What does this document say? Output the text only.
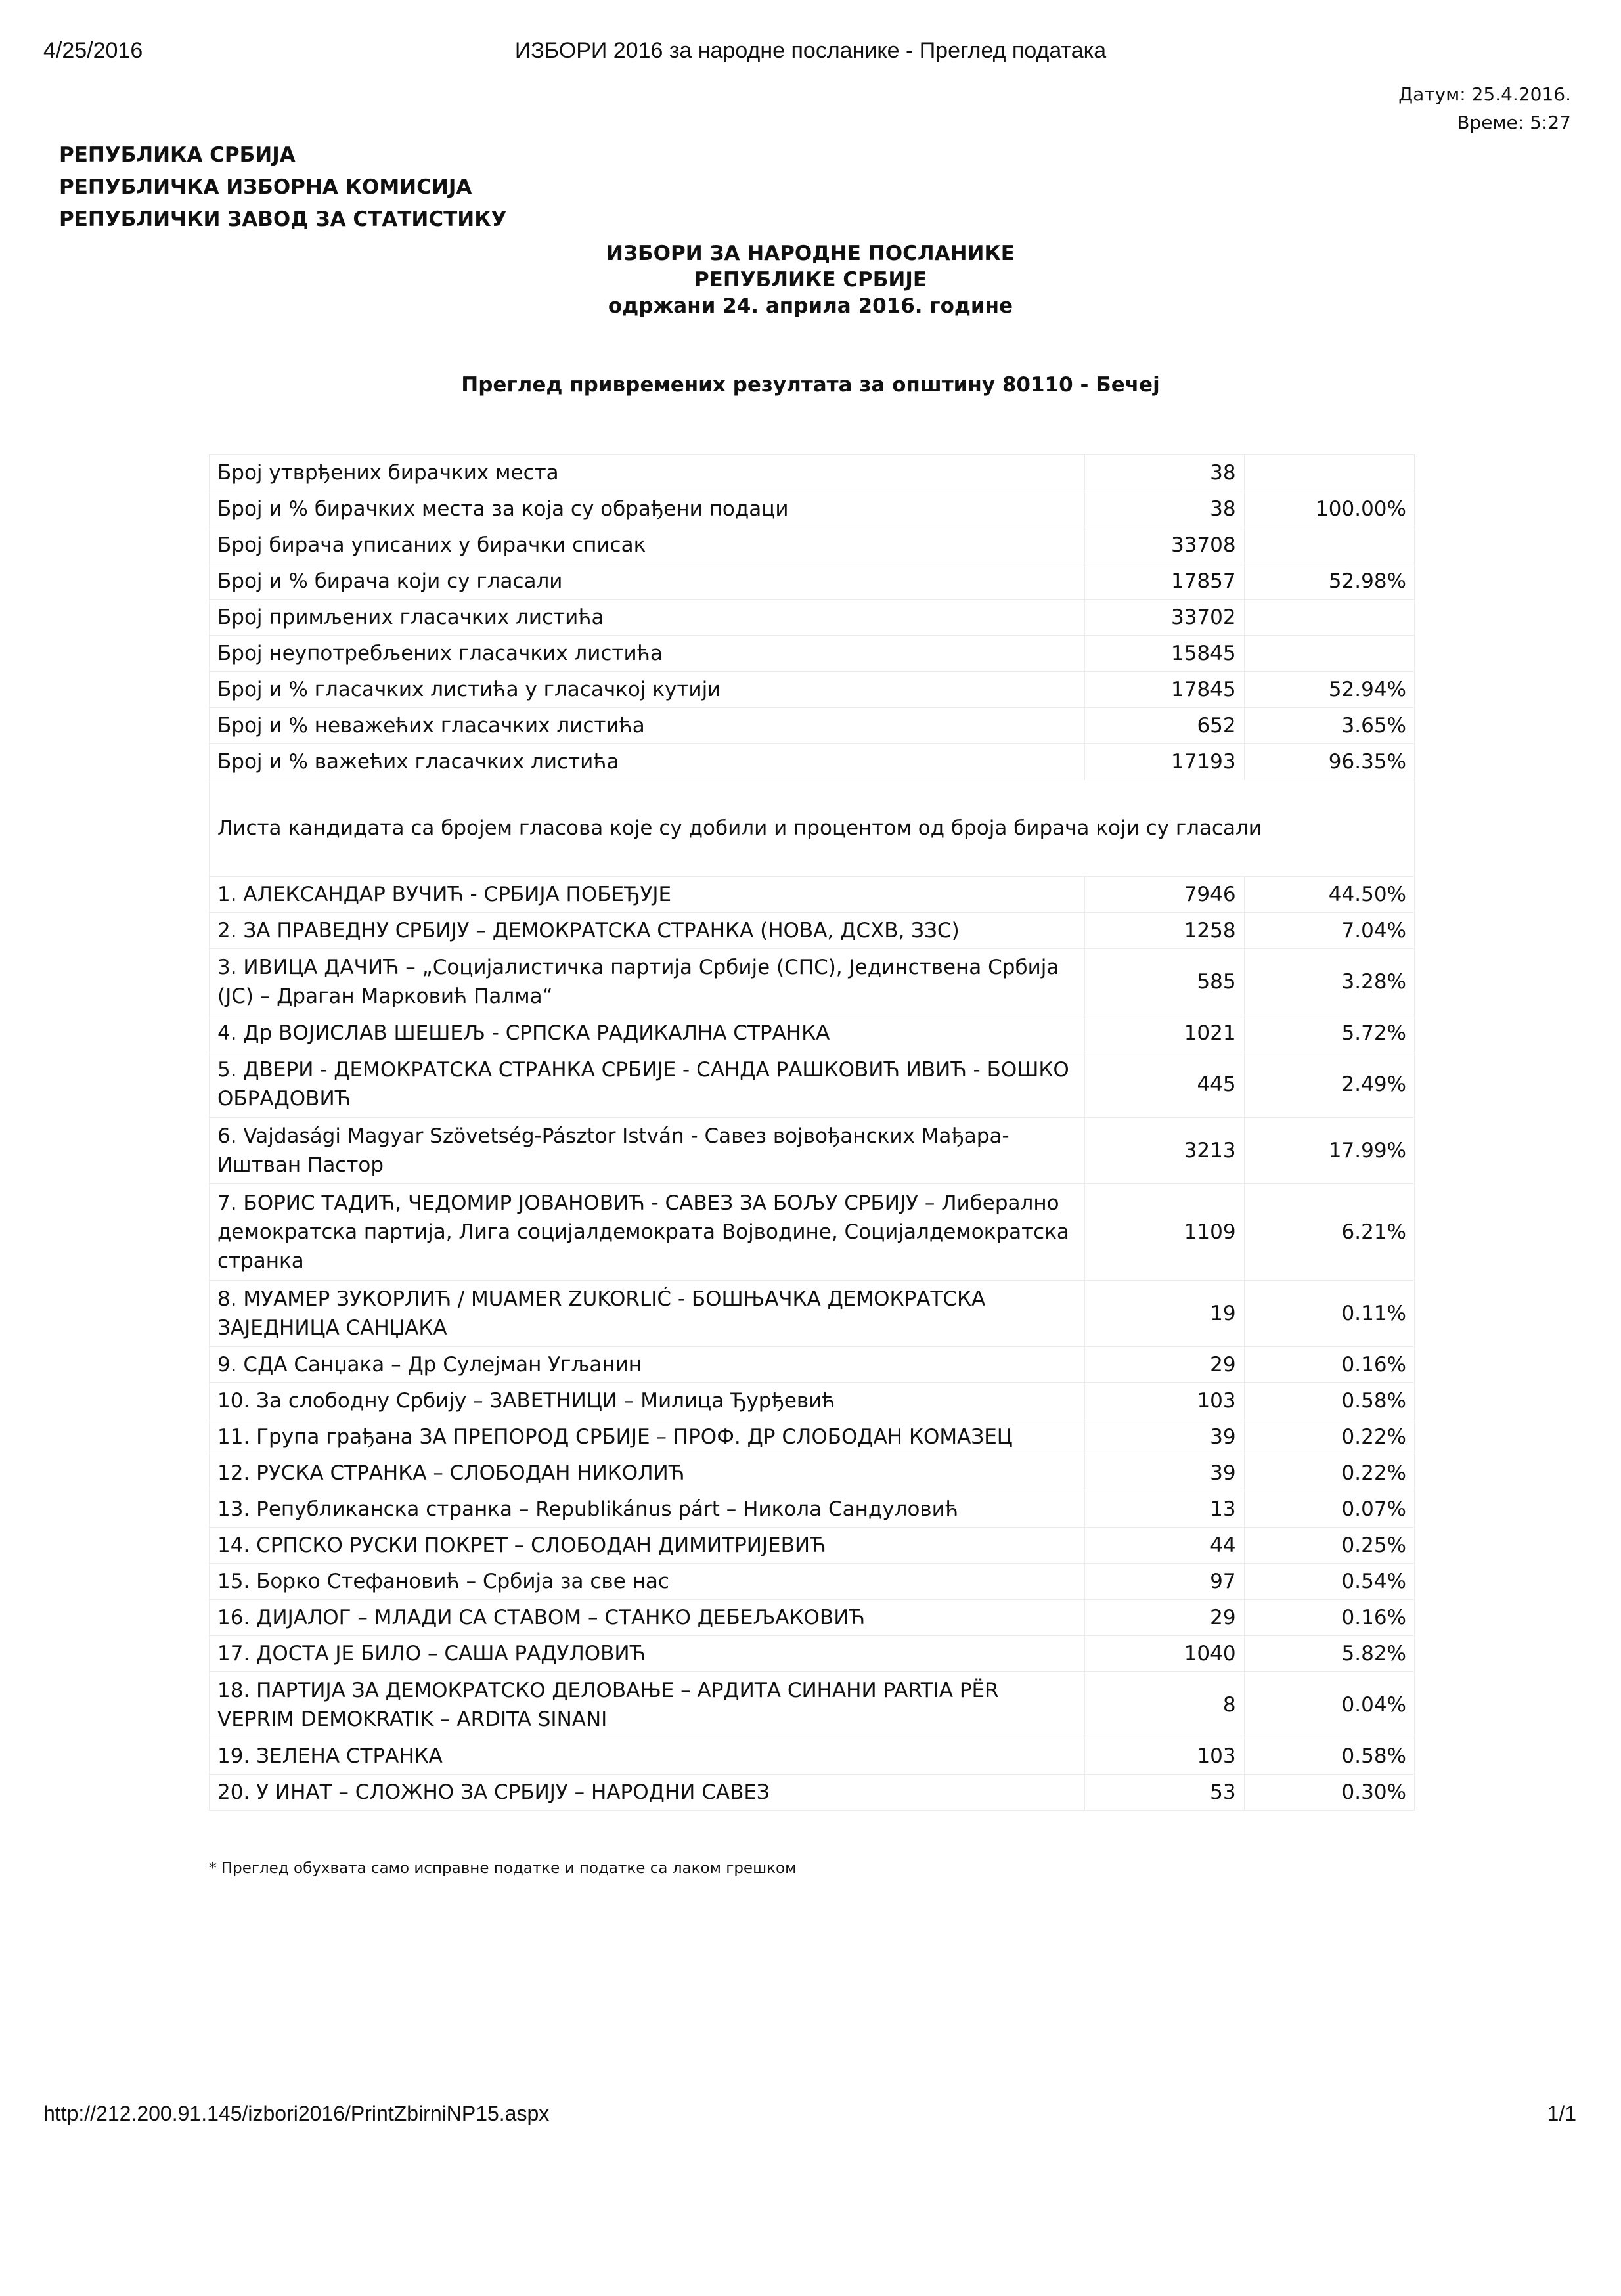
4/25/2016	ИЗБОРИ 2016 за народне посланике - Преглед података
Датум: 25.4.2016.
Време: 5:27
РЕПУБЛИКА СРБИЈА
РЕПУБЛИЧКА ИЗБОРНА КОМИСИЈА
РЕПУБЛИЧКИ ЗАВОД ЗА СТАТИСТИКУ
ИЗБОРИ ЗА НАРОДНЕ ПОСЛАНИКЕ
РЕПУБЛИКЕ СРБИЈЕ
одржани 24. априла 2016. године
Преглед привремених резултата за општину 80110 - Бечеј
Број утврђених бирачких места	38	
Број и % бирачких места за која су обрађени подаци	38	100.00%
Број бирача уписаних у бирачки списак	33708	
Број и % бирача који су гласали	17857	52.98%
Број примљених гласачких листића	33702	
Број неупотребљених гласачких листића	15845	
Број и % гласачких листића у гласачкој кутији	17845	52.94%
Број и % неважећих гласачких листића	652	3.65%
Број и % важећих гласачких листића	17193	96.35%
Листа кандидата са бројем гласова које су добили и процентом од броја бирача који су гласали		
1. АЛЕКСАНДАР ВУЧИЋ - СРБИЈА ПОБЕЂУЈЕ	7946	44.50%
2. ЗА ПРАВЕДНУ СРБИЈУ – ДЕМОКРАТСКА СТРАНКА (НОВА, ДСХВ, ЗЗС)	1258	7.04%
3. ИВИЦА ДАЧИЋ – „Социјалистичка партија Србије (СПС), Јединствена Србија (ЈС) – Драган Марковић Палма“	585	3.28%
4. Др ВОЈИСЛАВ ШЕШЕЉ - СРПСКА РАДИКАЛНА СТРАНКА	1021	5.72%
5. ДВЕРИ - ДЕМОКРАТСКА СТРАНКА СРБИЈЕ - САНДА РАШКОВИЋ ИВИЋ - БОШКО ОБРАДОВИЋ	445	2.49%
6. Vajdasági Magyar Szövetség-Pásztor István - Савез војвођанских Мађара-Иштван Пастор	3213	17.99%
7. БОРИС ТАДИЋ, ЧЕДОМИР ЈОВАНОВИЋ - САВЕЗ ЗА БОЉУ СРБИЈУ – Либерално демократска партија, Лига социјалдемократа Војводине, Социјалдемократска странка	1109	6.21%
8. МУАМЕР ЗУКОРЛИЋ / MUAMER ZUKORLIĆ - БОШЊАЧКА ДЕМОКРАТСКА ЗАЈЕДНИЦА САНЏАКА	19	0.11%
9. СДА Санџака – Др Сулејман Угљанин	29	0.16%
10. За слободну Србију – ЗАВЕТНИЦИ – Милица Ђурђевић	103	0.58%
11. Група грађана ЗА ПРЕПОРОД СРБИЈЕ – ПРОФ. ДР СЛОБОДАН КОМАЗЕЦ	39	0.22%
12. РУСКА СТРАНКА – СЛОБОДАН НИКОЛИЋ	39	0.22%
13. Републиканска странка – Republikánus párt – Никола Сандуловић	13	0.07%
14. СРПСКО РУСКИ ПОКРЕТ – СЛОБОДАН ДИМИТРИЈЕВИЋ	44	0.25%
15. Борко Стефановић – Србија за све нас	97	0.54%
16. ДИЈАЛОГ – МЛАДИ СА СТАВОМ – СТАНКО ДЕБЕЉАКОВИЋ	29	0.16%
17. ДОСТА ЈЕ БИЛО – САША РАДУЛОВИЋ	1040	5.82%
18. ПАРТИЈА ЗА ДЕМОКРАТСКО ДЕЛОВАЊЕ – АРДИТА СИНАНИ PARTIA PËR VEPRIM DEMOKRATIK – ARDITA SINANI	8	0.04%
19. ЗЕЛЕНА СТРАНКА	103	0.58%
20. У ИНАТ – СЛОЖНО ЗА СРБИЈУ – НАРОДНИ САВЕЗ	53	0.30%
* Преглед обухвата само исправне податке и податке са лаком грешком
http://212.200.91.145/izbori2016/PrintZbirniNP15.aspx	1/1
